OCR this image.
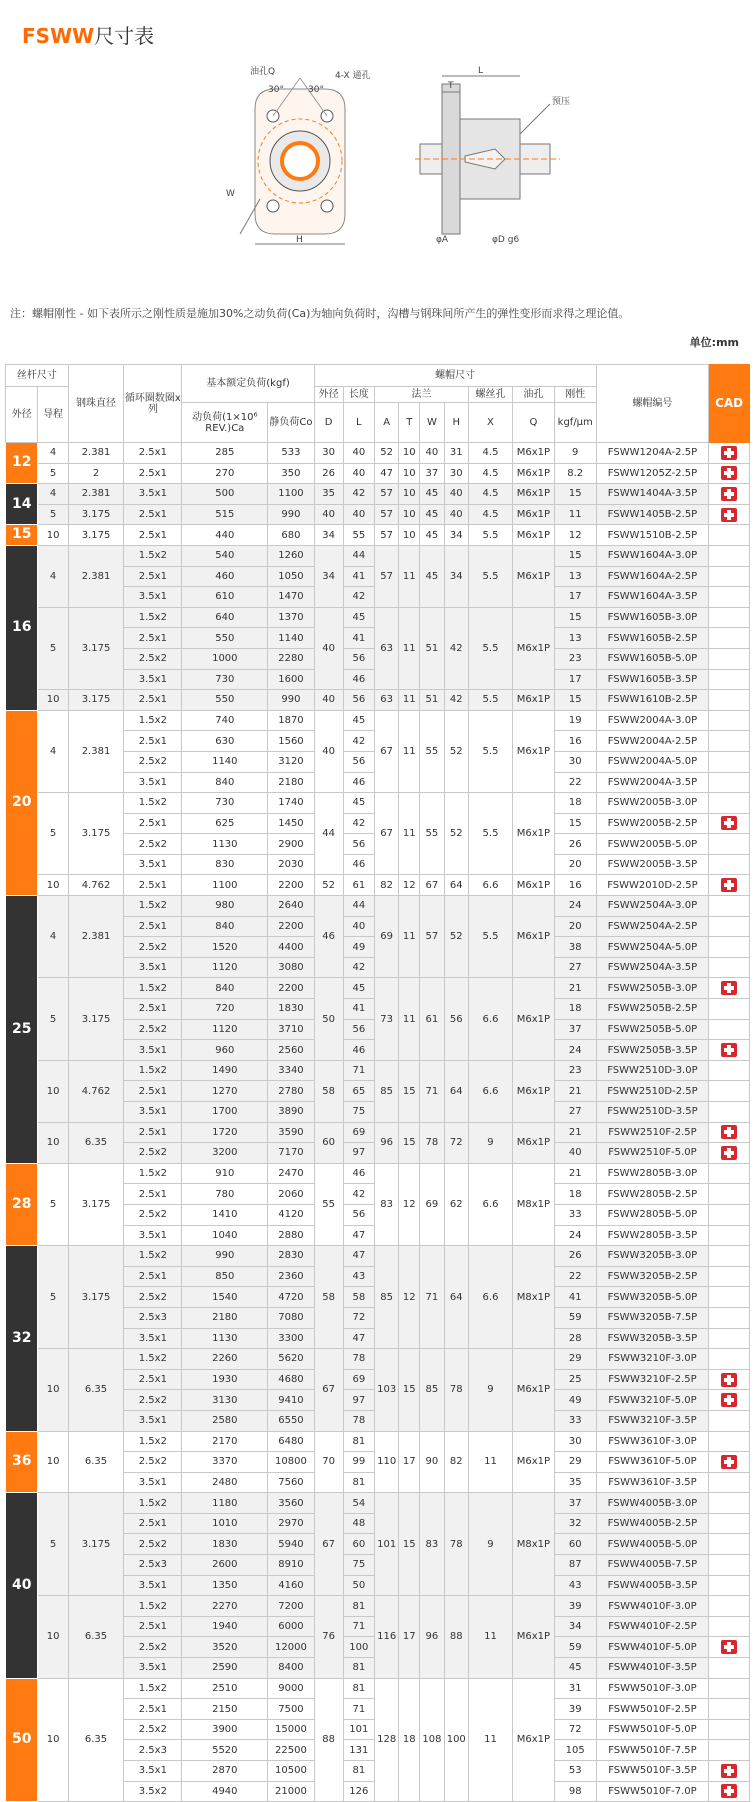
FSWW尺寸表
油孔Q
30°	30°
4-X 通孔
W
H
T
L
预压
φA	φD g6
注：螺帽刚性 - 如下表所示之刚性质是施加30%之动负荷(Ca)为轴向负荷时，沟槽与钢珠间所产生的弹性变形而求得之理论值。
单位:mm
丝杆尺寸		钢珠直径	循环圈数圈x列	基本额定负荷(kgf)		螺帽尺寸									螺帽编号	CAD
外径	导程					外径	长度	法兰				螺丝孔	油孔	刚性		
				动负荷(1×10⁶ REV.)Ca	静负荷Co	D	L	A	T	W	H	X	Q	kgf/μm		
12	4	2.381	2.5x1	285	533	30	40	52	10	40	31	4.5	M6x1P	9	FSWW1204A-2.5P	
	5	2	2.5x1	270	350	26	40	47	10	37	30	4.5	M6x1P	8.2	FSWW1205Z-2.5P	
14	4	2.381	3.5x1	500	1100	35	42	57	10	45	40	4.5	M6x1P	15	FSWW1404A-3.5P	
	5	3.175	2.5x1	515	990	40	40	57	10	45	40	4.5	M6x1P	11	FSWW1405B-2.5P	
15	10	3.175	2.5x1	440	680	34	55	57	10	45	34	5.5	M6x1P	12	FSWW1510B-2.5P	
16	4	2.381	1.5x2	540	1260	34	44	57	11	45	34	5.5	M6x1P	15	FSWW1604A-3.0P	
			2.5x1	460	1050		41							13	FSWW1604A-2.5P	
			3.5x1	610	1470		42							17	FSWW1604A-3.5P	
	5	3.175	1.5x2	640	1370	40	45	63	11	51	42	5.5	M6x1P	15	FSWW1605B-3.0P	
			2.5x1	550	1140		41							13	FSWW1605B-2.5P	
			2.5x2	1000	2280		56							23	FSWW1605B-5.0P	
			3.5x1	730	1600		46							17	FSWW1605B-3.5P	
	10	3.175	2.5x1	550	990	40	56	63	11	51	42	5.5	M6x1P	15	FSWW1610B-2.5P	
20	4	2.381	1.5x2	740	1870	40	45	67	11	55	52	5.5	M6x1P	19	FSWW2004A-3.0P	
			2.5x1	630	1560		42							16	FSWW2004A-2.5P	
			2.5x2	1140	3120		56							30	FSWW2004A-5.0P	
			3.5x1	840	2180		46							22	FSWW2004A-3.5P	
	5	3.175	1.5x2	730	1740	44	45	67	11	55	52	5.5	M6x1P	18	FSWW2005B-3.0P	
			2.5x1	625	1450		42							15	FSWW2005B-2.5P	
			2.5x2	1130	2900		56							26	FSWW2005B-5.0P	
			3.5x1	830	2030		46							20	FSWW2005B-3.5P	
	10	4.762	2.5x1	1100	2200	52	61	82	12	67	64	6.6	M6x1P	16	FSWW2010D-2.5P	
25	4	2.381	1.5x2	980	2640	46	44	69	11	57	52	5.5	M6x1P	24	FSWW2504A-3.0P	
			2.5x1	840	2200		40							20	FSWW2504A-2.5P	
			2.5x2	1520	4400		49							38	FSWW2504A-5.0P	
			3.5x1	1120	3080		42							27	FSWW2504A-3.5P	
	5	3.175	1.5x2	840	2200	50	45	73	11	61	56	6.6	M6x1P	21	FSWW2505B-3.0P	
			2.5x1	720	1830		41							18	FSWW2505B-2.5P	
			2.5x2	1120	3710		56							37	FSWW2505B-5.0P	
			3.5x1	960	2560		46							24	FSWW2505B-3.5P	
	10	4.762	1.5x2	1490	3340	58	71	85	15	71	64	6.6	M6x1P	23	FSWW2510D-3.0P	
			2.5x1	1270	2780		65							21	FSWW2510D-2.5P	
			3.5x1	1700	3890		75							27	FSWW2510D-3.5P	
	10	6.35	2.5x1	1720	3590	60	69	96	15	78	72	9	M6x1P	21	FSWW2510F-2.5P	
			2.5x2	3200	7170		97							40	FSWW2510F-5.0P	
28	5	3.175	1.5x2	910	2470	55	46	83	12	69	62	6.6	M8x1P	21	FSWW2805B-3.0P	
			2.5x1	780	2060		42							18	FSWW2805B-2.5P	
			2.5x2	1410	4120		56							33	FSWW2805B-5.0P	
			3.5x1	1040	2880		47							24	FSWW2805B-3.5P	
32	5	3.175	1.5x2	990	2830	58	47	85	12	71	64	6.6	M8x1P	26	FSWW3205B-3.0P	
			2.5x1	850	2360		43							22	FSWW3205B-2.5P	
			2.5x2	1540	4720		58							41	FSWW3205B-5.0P	
			2.5x3	2180	7080		72							59	FSWW3205B-7.5P	
			3.5x1	1130	3300		47							28	FSWW3205B-3.5P	
	10	6.35	1.5x2	2260	5620	67	78	103	15	85	78	9	M6x1P	29	FSWW3210F-3.0P	
			2.5x1	1930	4680		69							25	FSWW3210F-2.5P	
			2.5x2	3130	9410		97							49	FSWW3210F-5.0P	
			3.5x1	2580	6550		78							33	FSWW3210F-3.5P	
36	10	6.35	1.5x2	2170	6480	70	81	110	17	90	82	11	M6x1P	30	FSWW3610F-3.0P	
			2.5x2	3370	10800		99							29	FSWW3610F-5.0P	
			3.5x1	2480	7560		81							35	FSWW3610F-3.5P	
40	5	3.175	1.5x2	1180	3560	67	54	101	15	83	78	9	M8x1P	37	FSWW4005B-3.0P	
			2.5x1	1010	2970		48							32	FSWW4005B-2.5P	
			2.5x2	1830	5940		60							60	FSWW4005B-5.0P	
			2.5x3	2600	8910		75							87	FSWW4005B-7.5P	
			3.5x1	1350	4160		50							43	FSWW4005B-3.5P	
	10	6.35	1.5x2	2270	7200	76	81	116	17	96	88	11	M6x1P	39	FSWW4010F-3.0P	
			2.5x1	1940	6000		71							34	FSWW4010F-2.5P	
			2.5x2	3520	12000		100							59	FSWW4010F-5.0P	
			3.5x1	2590	8400		81							45	FSWW4010F-3.5P	
50	10	6.35	1.5x2	2510	9000	88	81	128	18	108	100	11	M6x1P	31	FSWW5010F-3.0P	
			2.5x1	2150	7500		71							39	FSWW5010F-2.5P	
			2.5x2	3900	15000		101							72	FSWW5010F-5.0P	
			2.5x3	5520	22500		131							105	FSWW5010F-7.5P	
			3.5x1	2870	10500		81							53	FSWW5010F-3.5P	
			3.5x2	4940	21000		126							98	FSWW5010F-7.0P	
